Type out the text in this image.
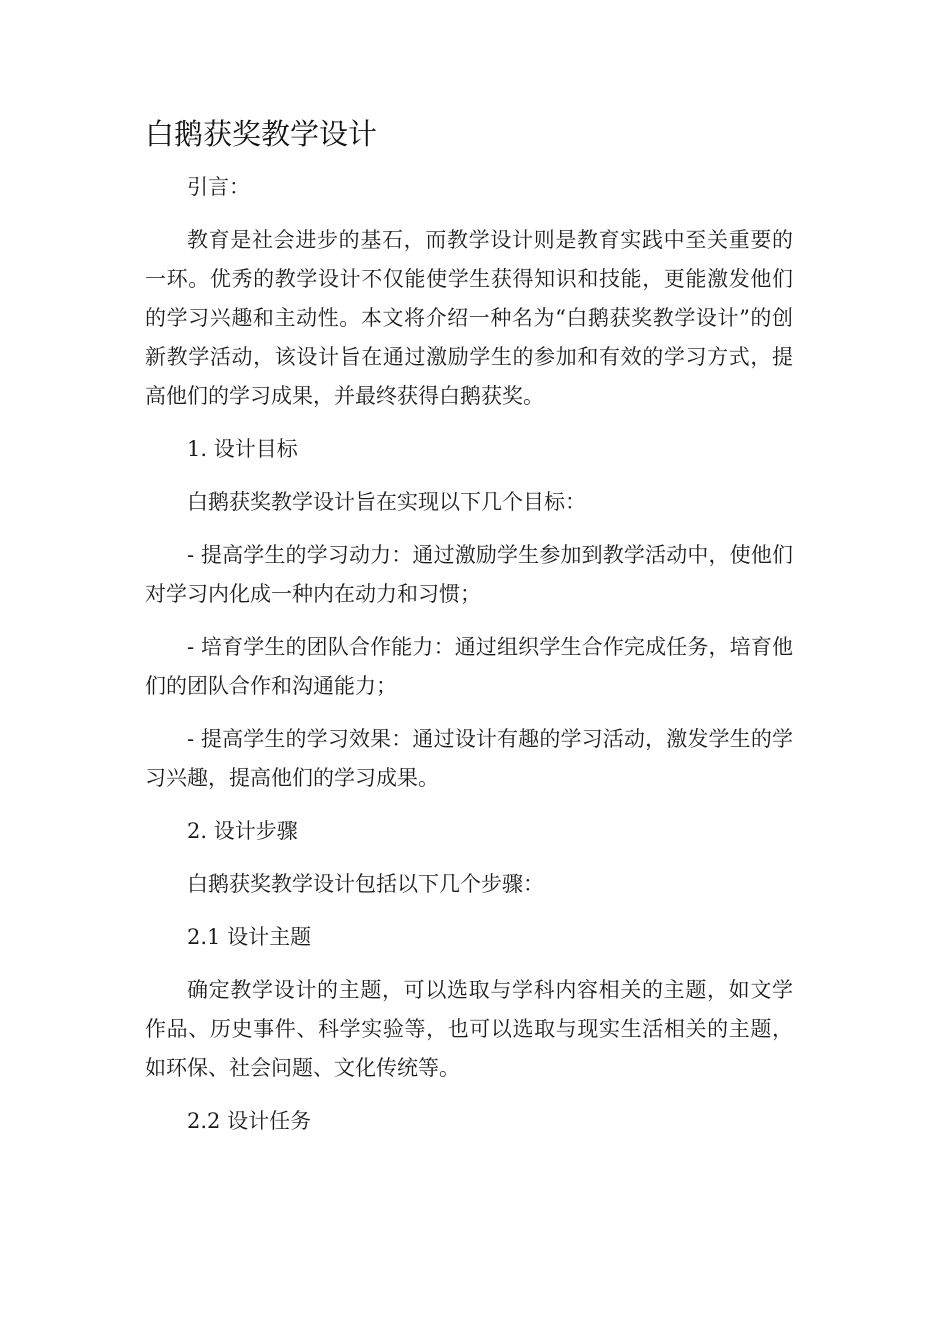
白鹅获奖教学设计

引言：

教育是社会进步的基石，而教学设计则是教育实践中至关重要的一环。优秀的教学设计不仅能使学生获得知识和技能，更能激发他们的学习兴趣和主动性。本文将介绍一种名为“白鹅获奖教学设计”的创新教学活动，该设计旨在通过激励学生的参加和有效的学习方式，提高他们的学习成果，并最终获得白鹅获奖。

1. 设计目标

白鹅获奖教学设计旨在实现以下几个目标：

- 提高学生的学习动力：通过激励学生参加到教学活动中，使他们对学习内化成一种内在动力和习惯；

- 培育学生的团队合作能力：通过组织学生合作完成任务，培育他们的团队合作和沟通能力；

- 提高学生的学习效果：通过设计有趣的学习活动，激发学生的学习兴趣，提高他们的学习成果。

2. 设计步骤

白鹅获奖教学设计包括以下几个步骤：

2.1 设计主题

确定教学设计的主题，可以选取与学科内容相关的主题，如文学作品、历史事件、科学实验等，也可以选取与现实生活相关的主题，如环保、社会问题、文化传统等。

2.2 设计任务
